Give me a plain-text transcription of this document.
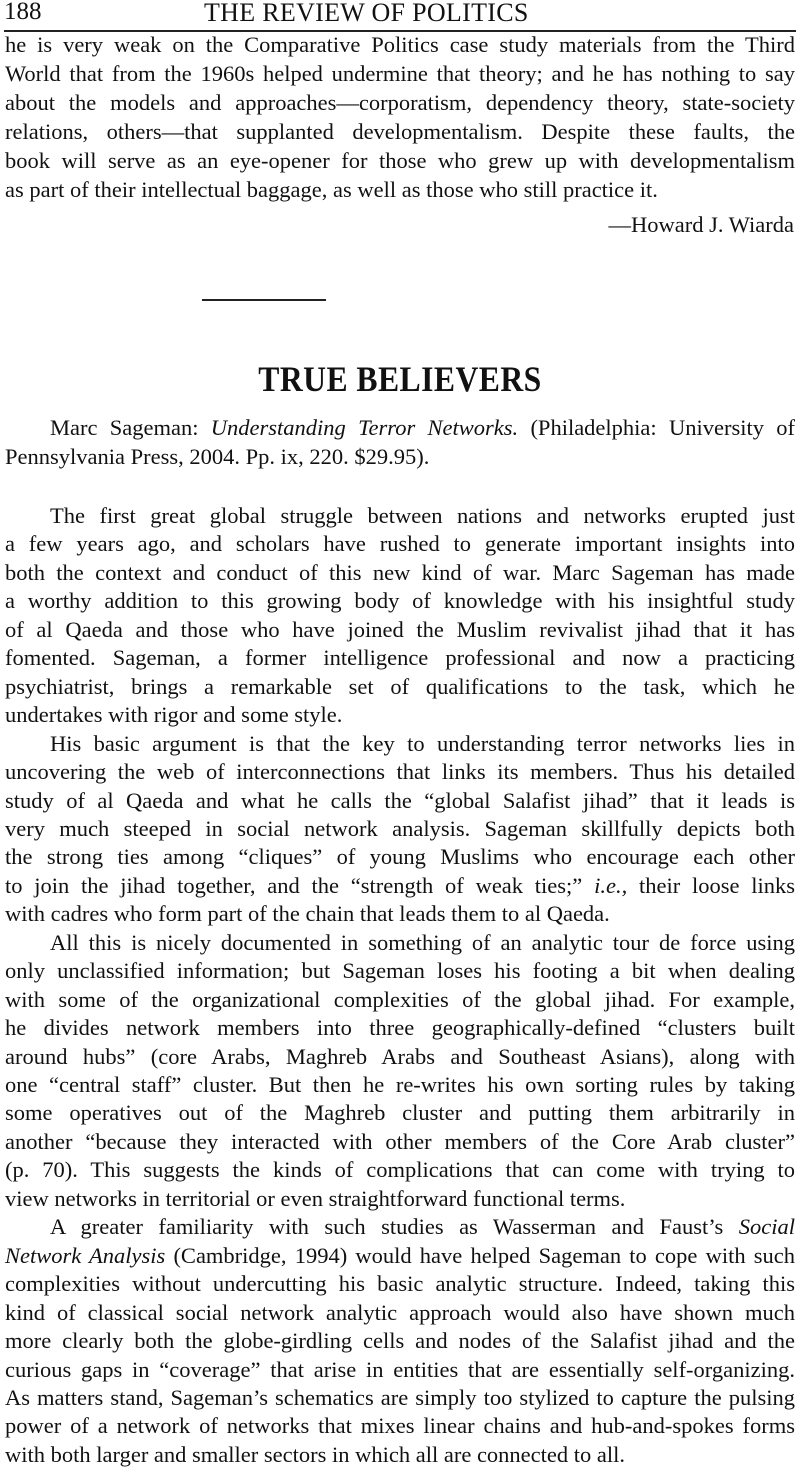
188	THE REVIEW OF POLITICS
he is very weak on the Comparative Politics case study materials from the Third
World that from the 1960s helped undermine that theory; and he has nothing to say
about the models and approaches—corporatism, dependency theory, state-society
relations, others—that supplanted developmentalism. Despite these faults, the
book will serve as an eye-opener for those who grew up with developmentalism
as part of their intellectual baggage, as well as those who still practice it.
—Howard J. Wiarda
TRUE BELIEVERS
Marc Sageman: Understanding Terror Networks. (Philadelphia: University of
Pennsylvania Press, 2004. Pp. ix, 220. $29.95).
The first great global struggle between nations and networks erupted just
a few years ago, and scholars have rushed to generate important insights into
both the context and conduct of this new kind of war. Marc Sageman has made
a worthy addition to this growing body of knowledge with his insightful study
of al Qaeda and those who have joined the Muslim revivalist jihad that it has
fomented. Sageman, a former intelligence professional and now a practicing
psychiatrist, brings a remarkable set of qualifications to the task, which he
undertakes with rigor and some style.
His basic argument is that the key to understanding terror networks lies in
uncovering the web of interconnections that links its members. Thus his detailed
study of al Qaeda and what he calls the “global Salafist jihad” that it leads is
very much steeped in social network analysis. Sageman skillfully depicts both
the strong ties among “cliques” of young Muslims who encourage each other
to join the jihad together, and the “strength of weak ties;” i.e., their loose links
with cadres who form part of the chain that leads them to al Qaeda.
All this is nicely documented in something of an analytic tour de force using
only unclassified information; but Sageman loses his footing a bit when dealing
with some of the organizational complexities of the global jihad. For example,
he divides network members into three geographically-defined “clusters built
around hubs” (core Arabs, Maghreb Arabs and Southeast Asians), along with
one “central staff” cluster. But then he re-writes his own sorting rules by taking
some operatives out of the Maghreb cluster and putting them arbitrarily in
another “because they interacted with other members of the Core Arab cluster”
(p. 70). This suggests the kinds of complications that can come with trying to
view networks in territorial or even straightforward functional terms.
A greater familiarity with such studies as Wasserman and Faust’s Social
Network Analysis (Cambridge, 1994) would have helped Sageman to cope with such
complexities without undercutting his basic analytic structure. Indeed, taking this
kind of classical social network analytic approach would also have shown much
more clearly both the globe-girdling cells and nodes of the Salafist jihad and the
curious gaps in “coverage” that arise in entities that are essentially self-organizing.
As matters stand, Sageman’s schematics are simply too stylized to capture the pulsing
power of a network of networks that mixes linear chains and hub-and-spokes forms
with both larger and smaller sectors in which all are connected to all.
